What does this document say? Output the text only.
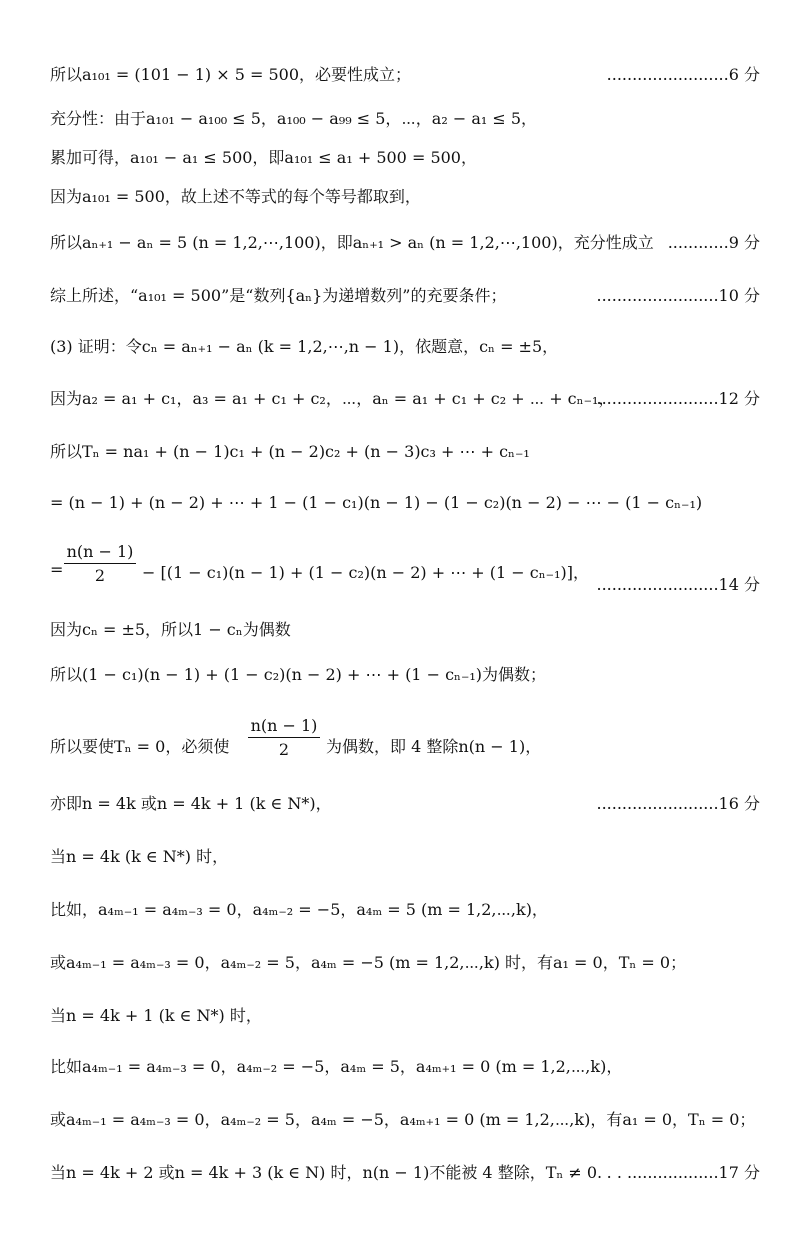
所以a₁₀₁ = (101 − 1) × 5 = 500，必要性成立；	........................6 分
充分性：由于a₁₀₁ − a₁₀₀ ≤ 5，a₁₀₀ − a₉₉ ≤ 5，⋯，a₂ − a₁ ≤ 5，
累加可得，a₁₀₁ − a₁ ≤ 500，即a₁₀₁ ≤ a₁ + 500 = 500，
因为a₁₀₁ = 500，故上述不等式的每个等号都取到，
所以aₙ₊₁ − aₙ = 5 (n = 1,2,⋯,100)，即aₙ₊₁ > aₙ (n = 1,2,⋯,100)，充分性成立 ............9 分
综上所述，“a₁₀₁ = 500”是“数列{aₙ}为递增数列”的充要条件；	........................10 分
(3) 证明：令cₙ = aₙ₊₁ − aₙ (k = 1,2,⋯,n − 1)，依题意，cₙ = ±5，
因为a₂ = a₁ + c₁，a₃ = a₁ + c₁ + c₂，⋯，aₙ = a₁ + c₁ + c₂ + ⋯ + cₙ₋₁，
........................12 分
所以Tₙ = na₁ + (n − 1)c₁ + (n − 2)c₂ + (n − 3)c₃ + ⋯ + cₙ₋₁
= (n − 1) + (n − 2) + ⋯ + 1 − (1 − c₁)(n − 1) − (1 − c₂)(n − 2) − ⋯ − (1 − cₙ₋₁)
=
n(n − 1)
2	− [(1 − c₁)(n − 1) + (1 − c₂)(n − 2) + ⋯ + (1 − cₙ₋₁)]，
........................14 分
因为cₙ = ±5，所以1 − cₙ为偶数
所以(1 − c₁)(n − 1) + (1 − c₂)(n − 2) + ⋯ + (1 − cₙ₋₁)为偶数；
所以要使Tₙ = 0，必须使
n(n − 1)
2	为偶数，即 4 整除n(n − 1)，
亦即n = 4k 或n = 4k + 1 (k ∈ N*)，	........................16 分
当n = 4k (k ∈ N*) 时，
比如，a₄ₘ₋₁ = a₄ₘ₋₃ = 0，a₄ₘ₋₂ = −5，a₄ₘ = 5 (m = 1,2,⋯,k)，
或a₄ₘ₋₁ = a₄ₘ₋₃ = 0，a₄ₘ₋₂ = 5，a₄ₘ = −5 (m = 1,2,⋯,k) 时，有a₁ = 0，Tₙ = 0；
当n = 4k + 1 (k ∈ N*) 时，
比如a₄ₘ₋₁ = a₄ₘ₋₃ = 0，a₄ₘ₋₂ = −5，a₄ₘ = 5，a₄ₘ₊₁ = 0 (m = 1,2,⋯,k)，
或a₄ₘ₋₁ = a₄ₘ₋₃ = 0，a₄ₘ₋₂ = 5，a₄ₘ = −5，a₄ₘ₊₁ = 0 (m = 1,2,⋯,k)，有a₁ = 0，Tₙ = 0；
当n = 4k + 2 或n = 4k + 3 (k ∈ N) 时，n(n − 1)不能被 4 整除，Tₙ ≠ 0. . . ..................17 分
